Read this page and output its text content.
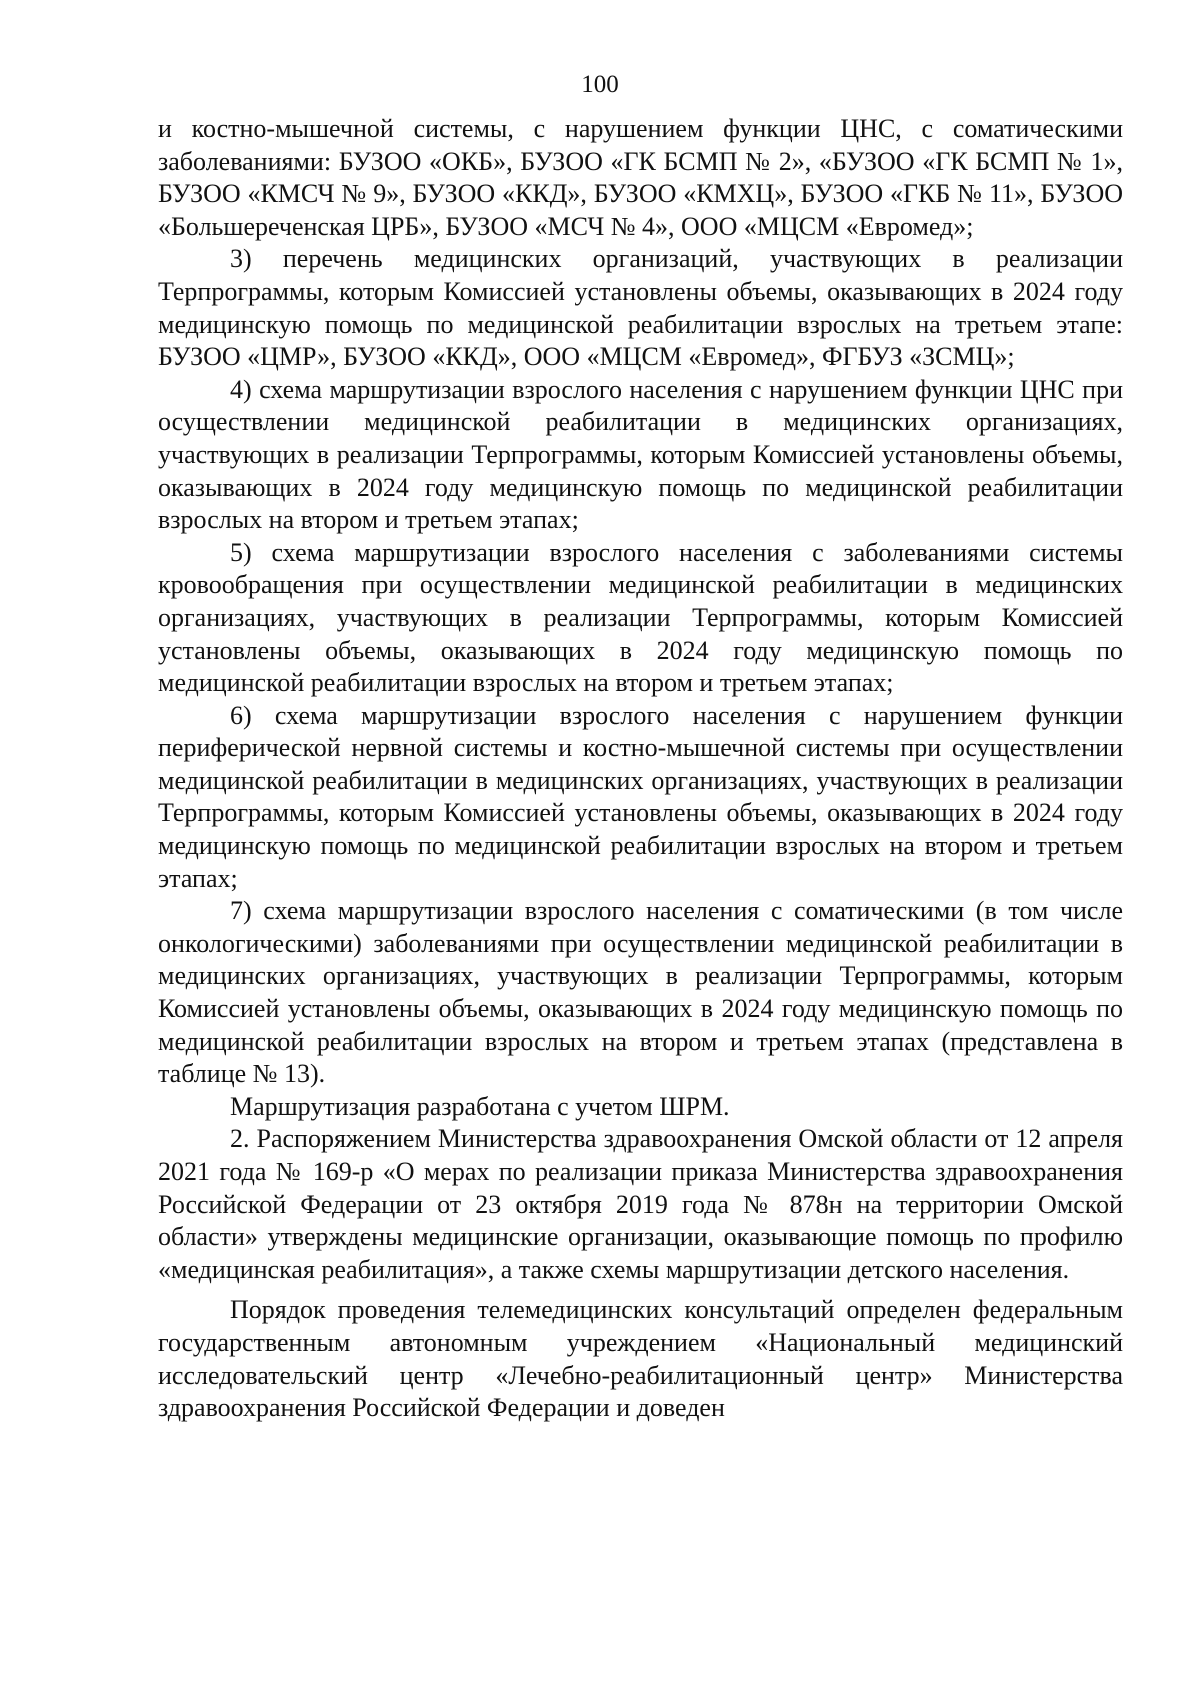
100

и костно-мышечной системы, с нарушением функции ЦНС, с соматическими заболеваниями: БУЗОО «ОКБ», БУЗОО «ГК БСМП № 2», «БУЗОО «ГК БСМП № 1», БУЗОО «КМСЧ № 9», БУЗОО «ККД», БУЗОО «КМХЦ», БУЗОО «ГКБ № 11», БУЗОО «Большереченская ЦРБ», БУЗОО «МСЧ № 4», ООО «МЦСМ «Евромед»;

3) перечень медицинских организаций, участвующих в реализации Терпрограммы, которым Комиссией установлены объемы, оказывающих в 2024 году медицинскую помощь по медицинской реабилитации взрослых на третьем этапе: БУЗОО «ЦМР», БУЗОО «ККД», ООО «МЦСМ «Евромед», ФГБУЗ «ЗСМЦ»;

4) схема маршрутизации взрослого населения с нарушением функции ЦНС при осуществлении медицинской реабилитации в медицинских организациях, участвующих в реализации Терпрограммы, которым Комиссией установлены объемы, оказывающих в 2024 году медицинскую помощь по медицинской реабилитации взрослых на втором и третьем этапах;

5) схема маршрутизации взрослого населения с заболеваниями системы кровообращения при осуществлении медицинской реабилитации в медицинских организациях, участвующих в реализации Терпрограммы, которым Комиссией установлены объемы, оказывающих в 2024 году медицинскую помощь по медицинской реабилитации взрослых на втором и третьем этапах;

6) схема маршрутизации взрослого населения с нарушением функции периферической нервной системы и костно-мышечной системы при осуществлении медицинской реабилитации в медицинских организациях, участвующих в реализации Терпрограммы, которым Комиссией установлены объемы, оказывающих в 2024 году медицинскую помощь по медицинской реабилитации взрослых на втором и третьем этапах;

7) схема маршрутизации взрослого населения с соматическими (в том числе онкологическими) заболеваниями при осуществлении медицинской реабилитации в медицинских организациях, участвующих в реализации Терпрограммы, которым Комиссией установлены объемы, оказывающих в 2024 году медицинскую помощь по медицинской реабилитации взрослых на втором и третьем этапах (представлена в таблице № 13).

Маршрутизация разработана с учетом ШРМ.

2. Распоряжением Министерства здравоохранения Омской области от 12 апреля 2021 года № 169-р «О мерах по реализации приказа Министерства здравоохранения Российской Федерации от 23 октября 2019 года № 878н на территории Омской области» утверждены медицинские организации, оказывающие помощь по профилю «медицинская реабилитация», а также схемы маршрутизации детского населения.

Порядок проведения телемедицинских консультаций определен федеральным государственным автономным учреждением «Национальный медицинский исследовательский центр «Лечебно-реабилитационный центр» Министерства здравоохранения Российской Федерации и доведен
